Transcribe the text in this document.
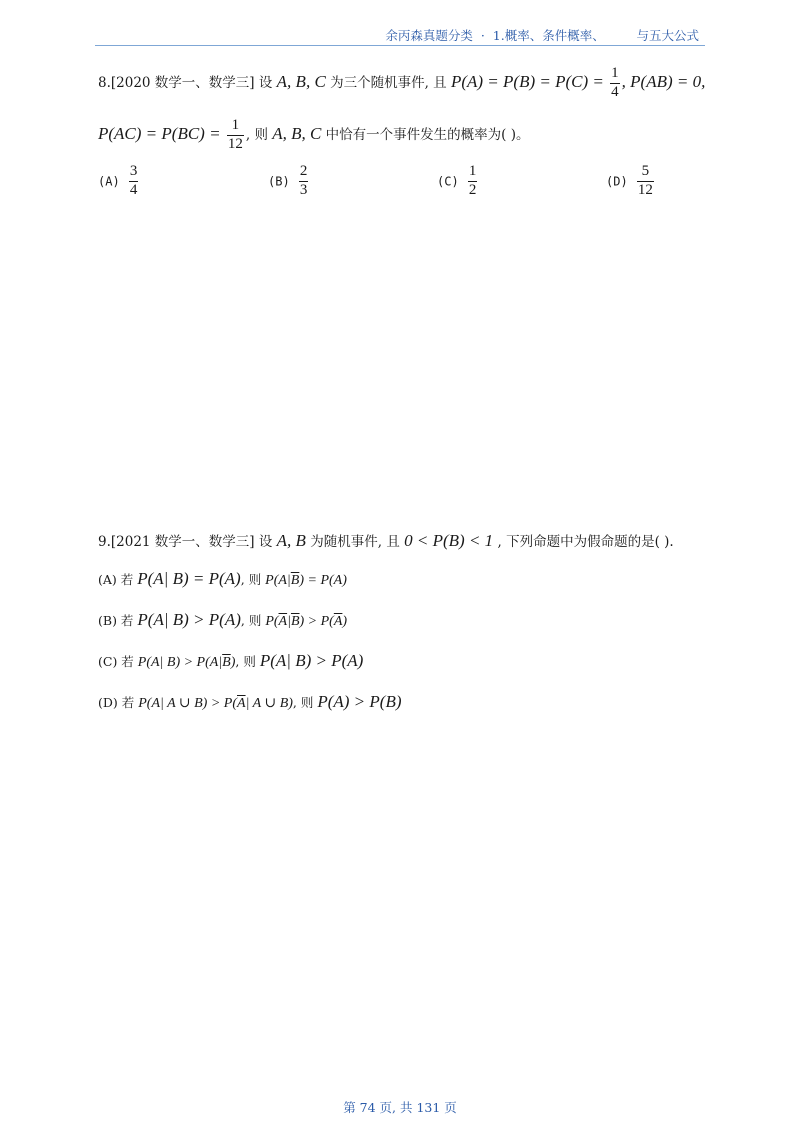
余丙森真题分类  ·  1.概率、条件概率、        与五大公式
8.[2020 数学一、数学三] 设 A, B, C 为三个随机事件, 且 $P(A) = P(B) = P(C) = \frac{1}{4}$ , P(AB) = 0,
$P(AC) = P(BC) = \frac{1}{12}$ , 则 A, B, C 中恰有一个事件发生的概率为( )。
$(A) \frac{3}{4}$	$(B) \frac{2}{3}$	$(C) \frac{1}{2}$	$(D) \frac{5}{12}$
9.[2021 数学一、数学三] 设 A, B 为随机事件, 且 0 < P(B) < 1 , 下列命题中为假命题的是( ).
(A) 若 P(A| B) = P(A), 则 $P(A|\overline{B}) = P(A)$
(B) 若 P(A| B) > P(A), 则 $P(\overline{A}|\overline{B}) > P(\overline{A})$
(C) 若 P(A| $B) > P(A|\overline{B})$, 则 P(A| B) > P(A)
(D) 若 P(A| A ∪ $B) > P(\overline{A}|$ A ∪ B), 则 P(A) > P(B)
第 74 页, 共 131 页
